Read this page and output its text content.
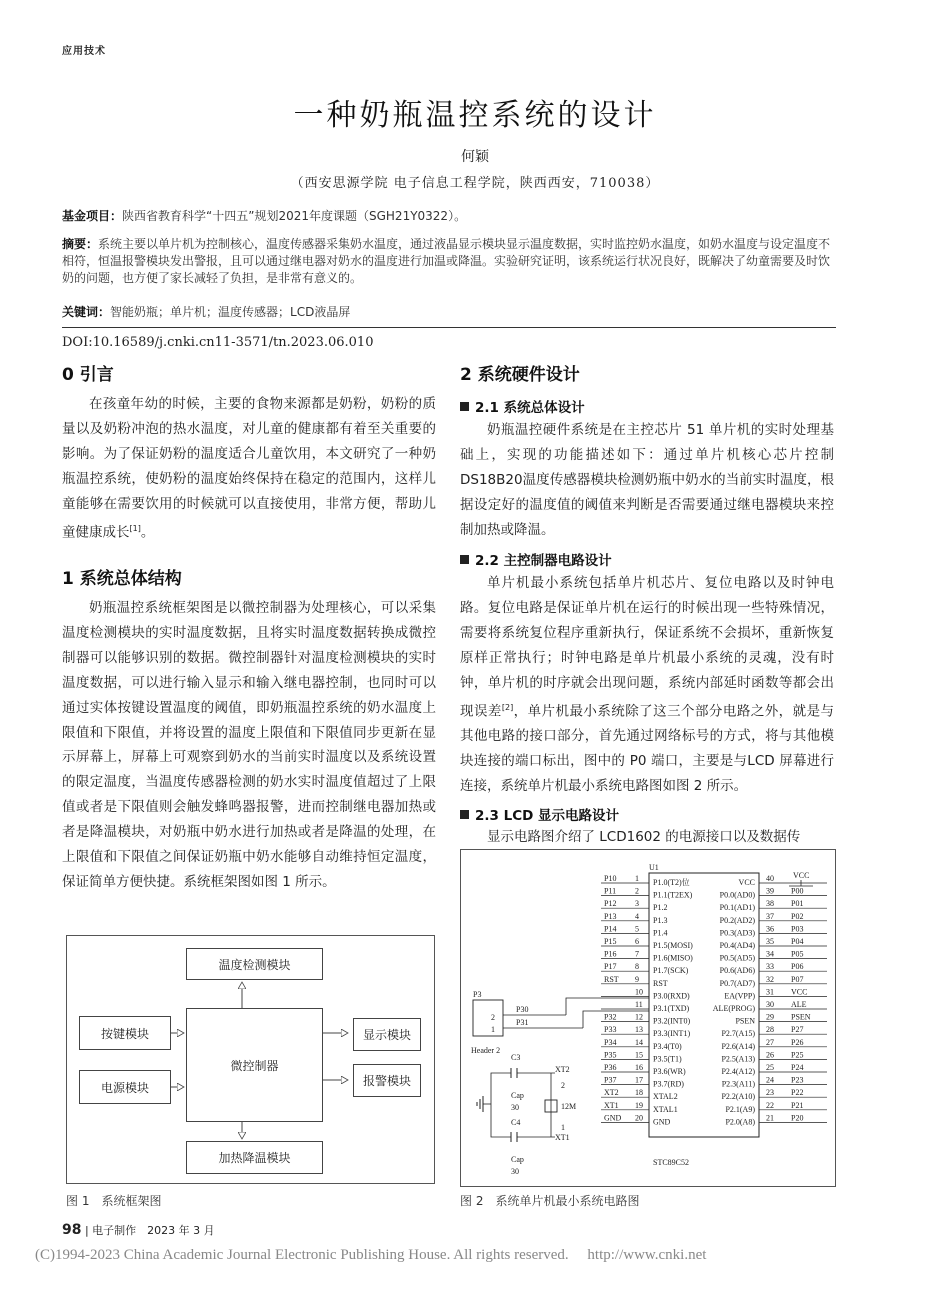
应用技术
一种奶瓶温控系统的设计
何颖
（西安思源学院 电子信息工程学院，陕西西安，710038）
基金项目：陕西省教育科学“十四五”规划2021年度课题（SGH21Y0322）。
摘要：系统主要以单片机为控制核心，温度传感器采集奶水温度，通过液晶显示模块显示温度数据，实时监控奶水温度，如奶水温度与设定温度不相符，恒温报警模块发出警报，且可以通过继电器对奶水的温度进行加温或降温。实验研究证明，该系统运行状况良好，既解决了幼童需要及时饮奶的问题，也方便了家长减轻了负担，是非常有意义的。
关键词：智能奶瓶；单片机；温度传感器；LCD液晶屏
DOI:10.16589/j.cnki.cn11-3571/tn.2023.06.010
0 引言
在孩童年幼的时候，主要的食物来源都是奶粉，奶粉的质量以及奶粉冲泡的热水温度，对儿童的健康都有着至关重要的影响。为了保证奶粉的温度适合儿童饮用，本文研究了一种奶瓶温控系统，使奶粉的温度始终保持在稳定的范围内，这样儿童能够在需要饮用的时候就可以直接使用，非常方便，帮助儿童健康成长[1]。
1 系统总体结构
奶瓶温控系统框架图是以微控制器为处理核心，可以采集温度检测模块的实时温度数据，且将实时温度数据转换成微控制器可以能够识别的数据。微控制器针对温度检测模块的实时温度数据，可以进行输入显示和输入继电器控制，也同时可以通过实体按键设置温度的阈值，即奶瓶温控系统的奶水温度上限值和下限值，并将设置的温度上限值和下限值同步更新在显示屏幕上，屏幕上可观察到奶水的当前实时温度以及系统设置的限定温度，当温度传感器检测的奶水实时温度值超过了上限值或者是下限值则会触发蜂鸣器报警，进而控制继电器加热或者是降温模块，对奶瓶中奶水进行加热或者是降温的处理，在上限值和下限值之间保证奶瓶中奶水能够自动维持恒定温度，保证简单方便快捷。系统框架图如图 1 所示。
温度检测模块
按键模块
微控制器
显示模块
电源模块	报警模块
加热降温模块
图 1　系统框架图
2 系统硬件设计
2.1 系统总体设计
奶瓶温控硬件系统是在主控芯片 51 单片机的实时处理基础上，实现的功能描述如下：通过单片机核心芯片控制DS18B20温度传感器模块检测奶瓶中奶水的当前实时温度，根据设定好的温度值的阈值来判断是否需要通过继电器模块来控制加热或降温。
2.2 主控制器电路设计
单片机最小系统包括单片机芯片、复位电路以及时钟电路。复位电路是保证单片机在运行的时候出现一些特殊情况，需要将系统复位程序重新执行，保证系统不会损坏，重新恢复原样正常执行；时钟电路是单片机最小系统的灵魂，没有时钟，单片机的时序就会出现问题，系统内部延时函数等都会出现误差[2]，单片机最小系统除了这三个部分电路之外，就是与其他电路的接口部分，首先通过网络标号的方式，将与其他模块连接的端口标出，图中的 P0 端口，主要是与LCD 屏幕进行连接，系统单片机最小系统电路图如图 2 所示。
2.3 LCD 显示电路设计
显示电路图介绍了 LCD1602 的电源接口以及数据传
U1
VCC
P10 1 P1.0(T2)位
P11 2 P1.1(T2EX)
P12 3 P1.2
P13 4 P1.3
P14 5 P1.4
P15 6 P1.5(MOSI)
P16 7 P1.6(MISO)
P17 8 P1.7(SCK)
RST 9 RST
10 P3.0(RXD)
11 P3.1(TXD)
P32 12 P3.2(INT0)
P33 13 P3.3(INT1)
P34 14 P3.4(T0)
P35 15 P3.5(T1)
P36 16 P3.6(WR)
P37 17 P3.7(RD)
XT2 18 XTAL2
XT1 19 XTAL1
GND 20 GND
VCC 40
P0.0(AD0) 39 P00
P0.1(AD1) 38 P01
P0.2(AD2) 37 P02
P0.3(AD3) 36 P03
P0.4(AD4) 35 P04
P0.5(AD5) 34 P05
P0.6(AD6) 33 P06
P0.7(AD7) 32 P07
EA(VPP) 31 VCC
ALE(PROG) 30 ALE
PSEN 29 PSEN
P2.7(A15) 28 P27
P2.6(A14) 27 P26
P2.5(A13) 26 P25
P2.4(A12) 25 P24
P2.3(A11) 24 P23
P2.2(A10) 23 P22
P2.1(A9) 22 P21
P2.0(A8) 21 P20
P3
2
1
Header 2
P30
P31
C3
C4
Cap
30
Cap
30
XT2
XT1
12M
2
1
STC89C52
图 2　系统单片机最小系统电路图
98 | 电子制作　2023 年 3 月
(C)1994-2023 China Academic Journal Electronic Publishing House. All rights reserved.　 http://www.cnki.net
